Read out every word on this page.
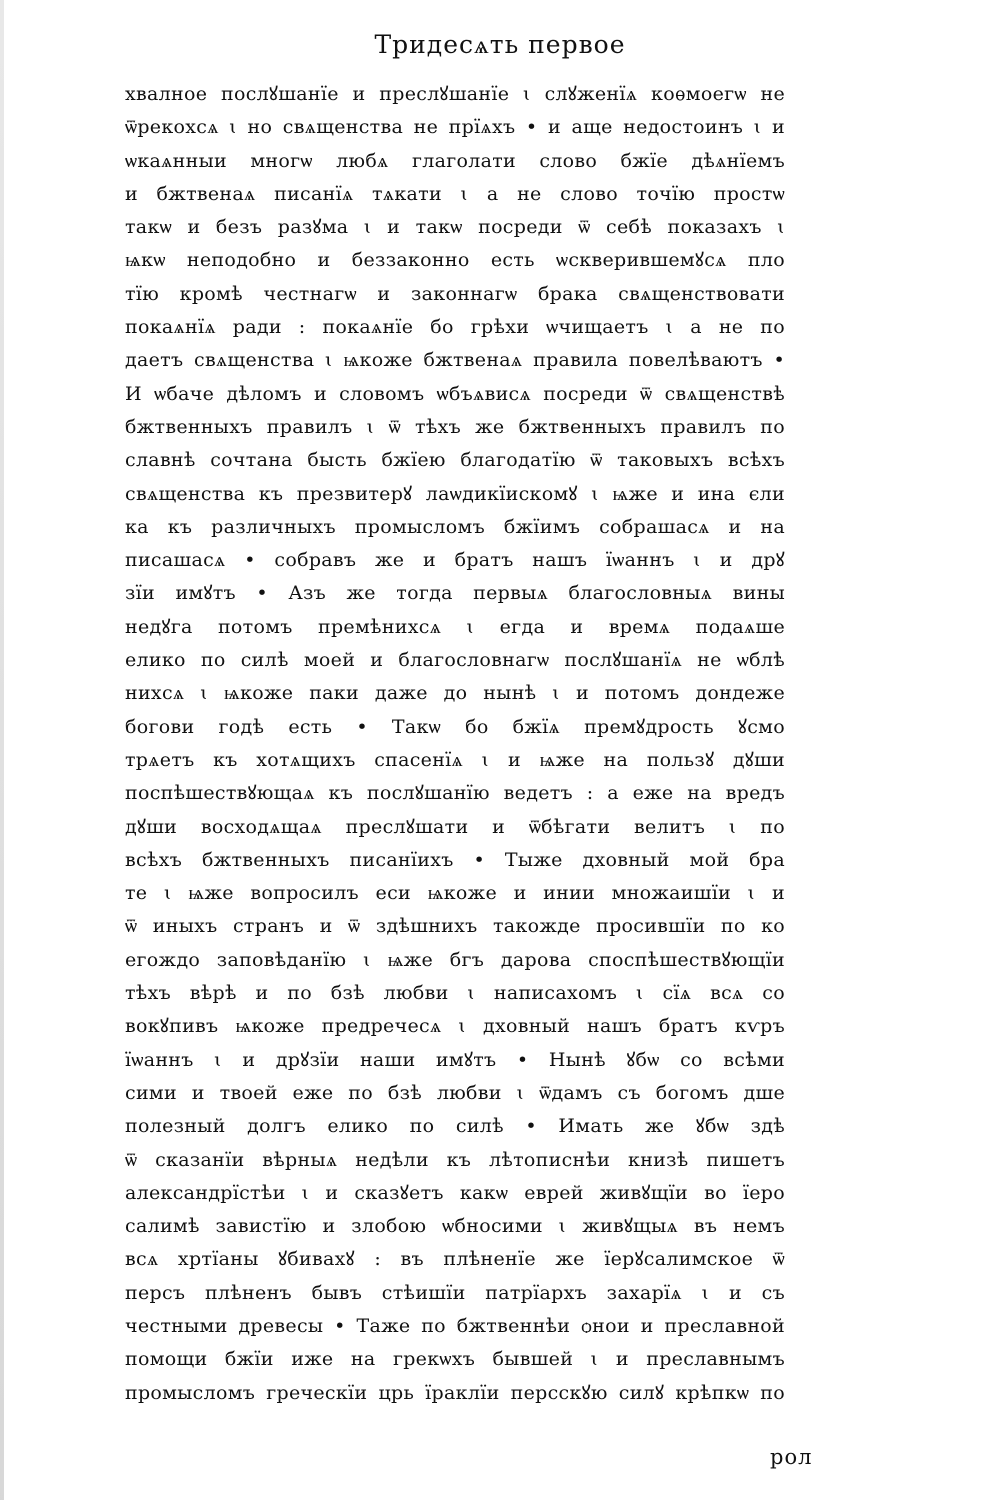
Тридесѧть первое
хвалное послꙋшанїе и преслꙋшанїе ꙇ слꙋженїѧ коѳмоегѡ не
ѿрекохсѧ ꙇ но свѧщенства не прїѧхъ • и аще недостоинъ ꙇ и
ѡкаѧнныи многѡ любѧ глаголати слово бжїе дѣѧнїемъ
и бжтвенаѧ писанїѧ тѧкати ꙇ а не слово точїю простѡ
такѡ и безъ разꙋма ꙇ и такѡ посреди ѿ себѣ показахъ ꙇ
ѩкѡ неподобно и беззаконно есть ѡскверившемꙋсѧ пло
тїю кромѣ честнагѡ и законнагѡ брака свѧщенствовати
покаѧнїѧ ради : покаѧнїе бо грѣхи ѡчищаетъ ꙇ а не по
даетъ свѧщенства ꙇ ѩкоже бжтвенаѧ правила повелѣваютъ •
И ѡбаче дѣломъ и словомъ ѡбъѧвисѧ посреди ѿ свѧщенствѣ
бжтвенныхъ правилъ ꙇ ѿ тѣхъ же бжтвенныхъ правилъ по
славнѣ сочтана бысть бжїею благодатїю ѿ таковыхъ всѣхъ
свѧщенства къ презвитерꙋ лаѡдикїискомꙋ ꙇ ѩже и ина єли
ка къ различныхъ промысломъ бжїимъ собрашасѧ и на
писашасѧ • собравъ же и братъ нашъ їѡаннъ ꙇ и дрꙋ
зїи имꙋтъ • Азъ же тогда первыѧ благословныѧ вины
недꙋга потомъ премѣнихсѧ ꙇ егда и времѧ подаѧше
елико по силѣ моей и благословнагѡ послꙋшанїѧ не ѡблѣ
нихсѧ ꙇ ѩкоже паки даже до нынѣ ꙇ и потомъ дондеже
богови годѣ есть • Такѡ бо бжїѧ премꙋдрость ꙋсмо
трѧетъ къ хотѧщихъ спасенїѧ ꙇ и ѩже на пользꙋ дꙋши
поспѣшествꙋющаѧ къ послꙋшанїю ведетъ : а еже на вредъ
дꙋши восходѧщаѧ преслꙋшати и ѿбѣгати велитъ ꙇ по
всѣхъ бжтвенныхъ писанїихъ • Тыже дховный мой бра
те ꙇ ѩже вопросилъ еси ѩкоже и инии множаишїи ꙇ и
ѿ иныхъ странъ и ѿ здѣшнихъ такожде просившїи по ко
егождо заповѣданїю ꙇ ѩже бгъ дарова споспѣшествꙋющїи
тѣхъ вѣрѣ и по бзѣ любви ꙇ написахомъ ꙇ сїѧ всѧ со
вокꙋпивъ ѩкоже предречесѧ ꙇ дховный нашъ братъ кѵръ
їѡаннъ ꙇ и дрꙋзїи наши имꙋтъ • Нынѣ ꙋбѡ со всѣми
сими и твоей еже по бзѣ любви ꙇ ѿдамъ съ богомъ дше
полезный долгъ елико по силѣ • Имать же ꙋбѡ здѣ
ѿ сказанїи вѣрныѧ недѣли къ лѣтописнѣи книзѣ пишетъ
александрїстѣи ꙇ и сказꙋетъ какѡ еврей живꙋщїи во їеро
салимѣ завистїю и злобою ѡбносими ꙇ живꙋщыѧ въ немъ
всѧ хртїаны ꙋбивахꙋ : въ плѣненїе же їерꙋсалимское ѿ
персъ плѣненъ бывъ стѣишїи патрїархъ захарїѧ ꙇ и съ
честными древесы • Таже по бжтвеннѣи ѻнои и преславной
помощи бжїи иже на грекѡхъ бывшей ꙇ и преславнымъ
промысломъ греческїи црь їраклїи персскꙋю силꙋ крѣпкѡ по
рол
